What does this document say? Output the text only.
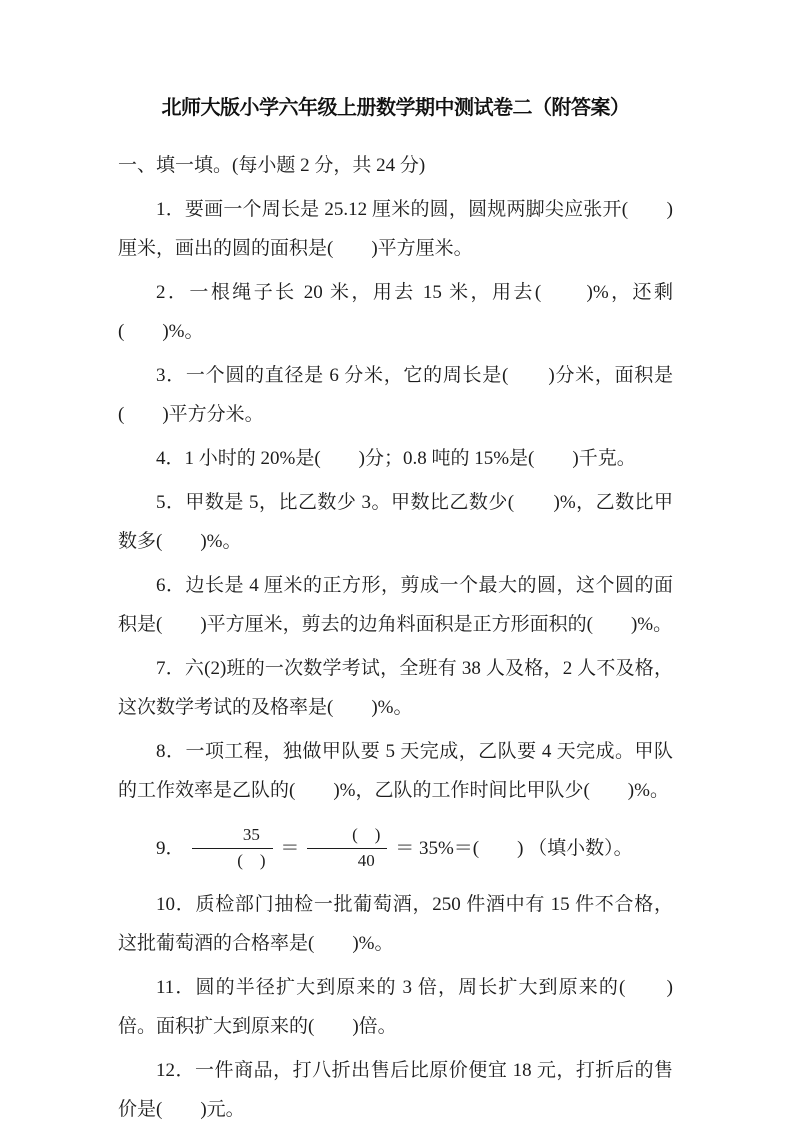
北师大版小学六年级上册数学期中测试卷二（附答案）

一、填一填。(每小题 2 分，共 24 分)

1．要画一个周长是 25.12 厘米的圆，圆规两脚尖应张开(　　)厘米，画出的圆的面积是(　　)平方厘米。

2．一根绳子长 20 米，用去 15 米，用去(　　)%，还剩(　　)%。

3．一个圆的直径是 6 分米，它的周长是(　　)分米，面积是(　　)平方分米。

4．1 小时的 20%是(　　)分；0.8 吨的 15%是(　　)千克。

5．甲数是 5，比乙数少 3。甲数比乙数少(　　)%，乙数比甲数多(　　)%。

6．边长是 4 厘米的正方形，剪成一个最大的圆，这个圆的面积是(　　)平方厘米，剪去的边角料面积是正方形面积的(　　)%。

7．六(2)班的一次数学考试，全班有 38 人及格，2 人不及格，这次数学考试的及格率是(　　)%。

8．一项工程，独做甲队要 5 天完成，乙队要 4 天完成。甲队的工作效率是乙队的(　　)%，乙队的工作时间比甲队少(　　)%。

9． $\frac{35}{( )} = \frac{( )}{40} = 35\%=$(　　) （填小数）。

10．质检部门抽检一批葡萄酒，250 件酒中有 15 件不合格，这批葡萄酒的合格率是(　　)%。

11．圆的半径扩大到原来的 3 倍，周长扩大到原来的(　　)倍。面积扩大到原来的(　　)倍。

12．一件商品，打八折出售后比原价便宜 18 元，打折后的售价是(　　)元。
